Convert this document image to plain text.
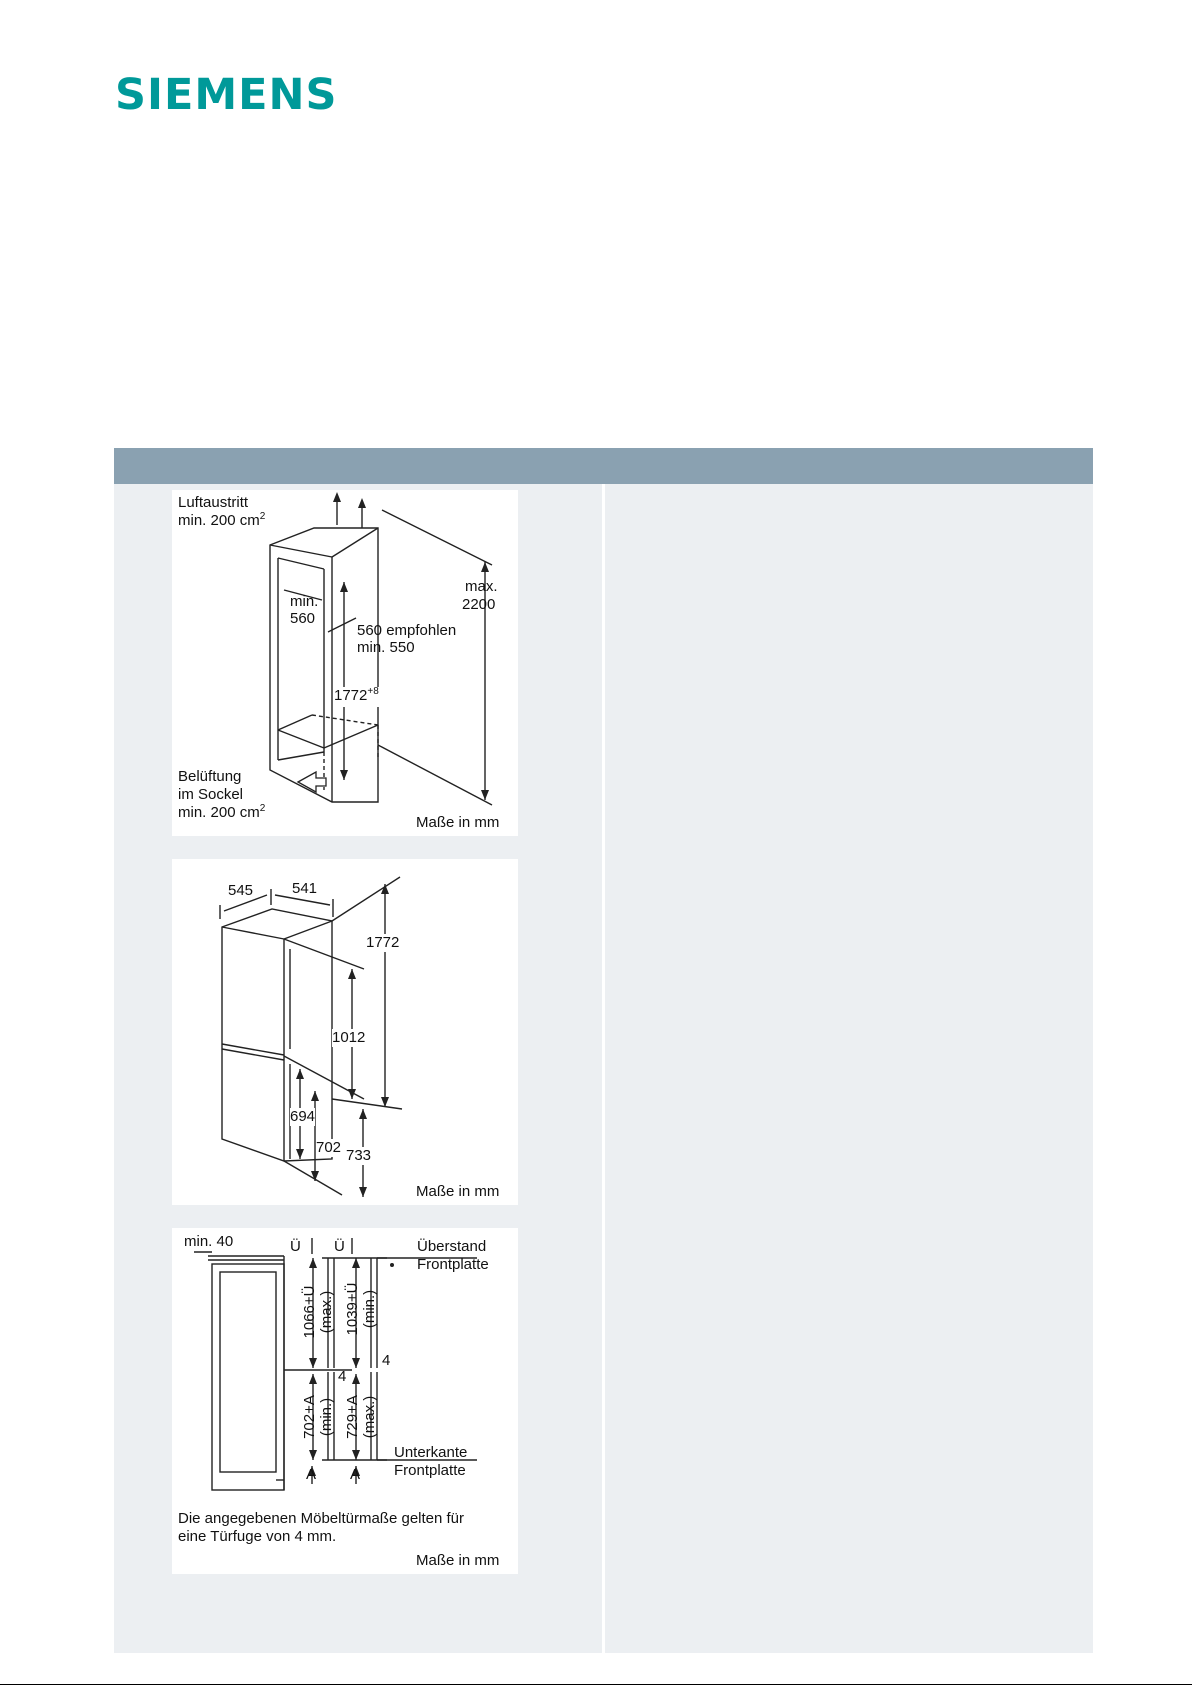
SIEMENS
Luftaustritt
min. 200 $cm^2$
max.
2200
min.
560
560 empfohlen
min. 550
$1772^{+8}$
Belüftung
im Sockel
min. 200 $cm^2$
Maße in mm
545	541
1772
1012
694
702 733
Maße in mm
min. 40	Ü Ü	Überstand
Frontplatte
1066+Ü (max.) 1039+Ü (min.)
4
4
702+A (min.) 729+A (max.)
Unterkante
Frontplatte
A A
Die angegebenen Möbeltürmaße gelten für
eine Türfuge von 4 mm.
Maße in mm
